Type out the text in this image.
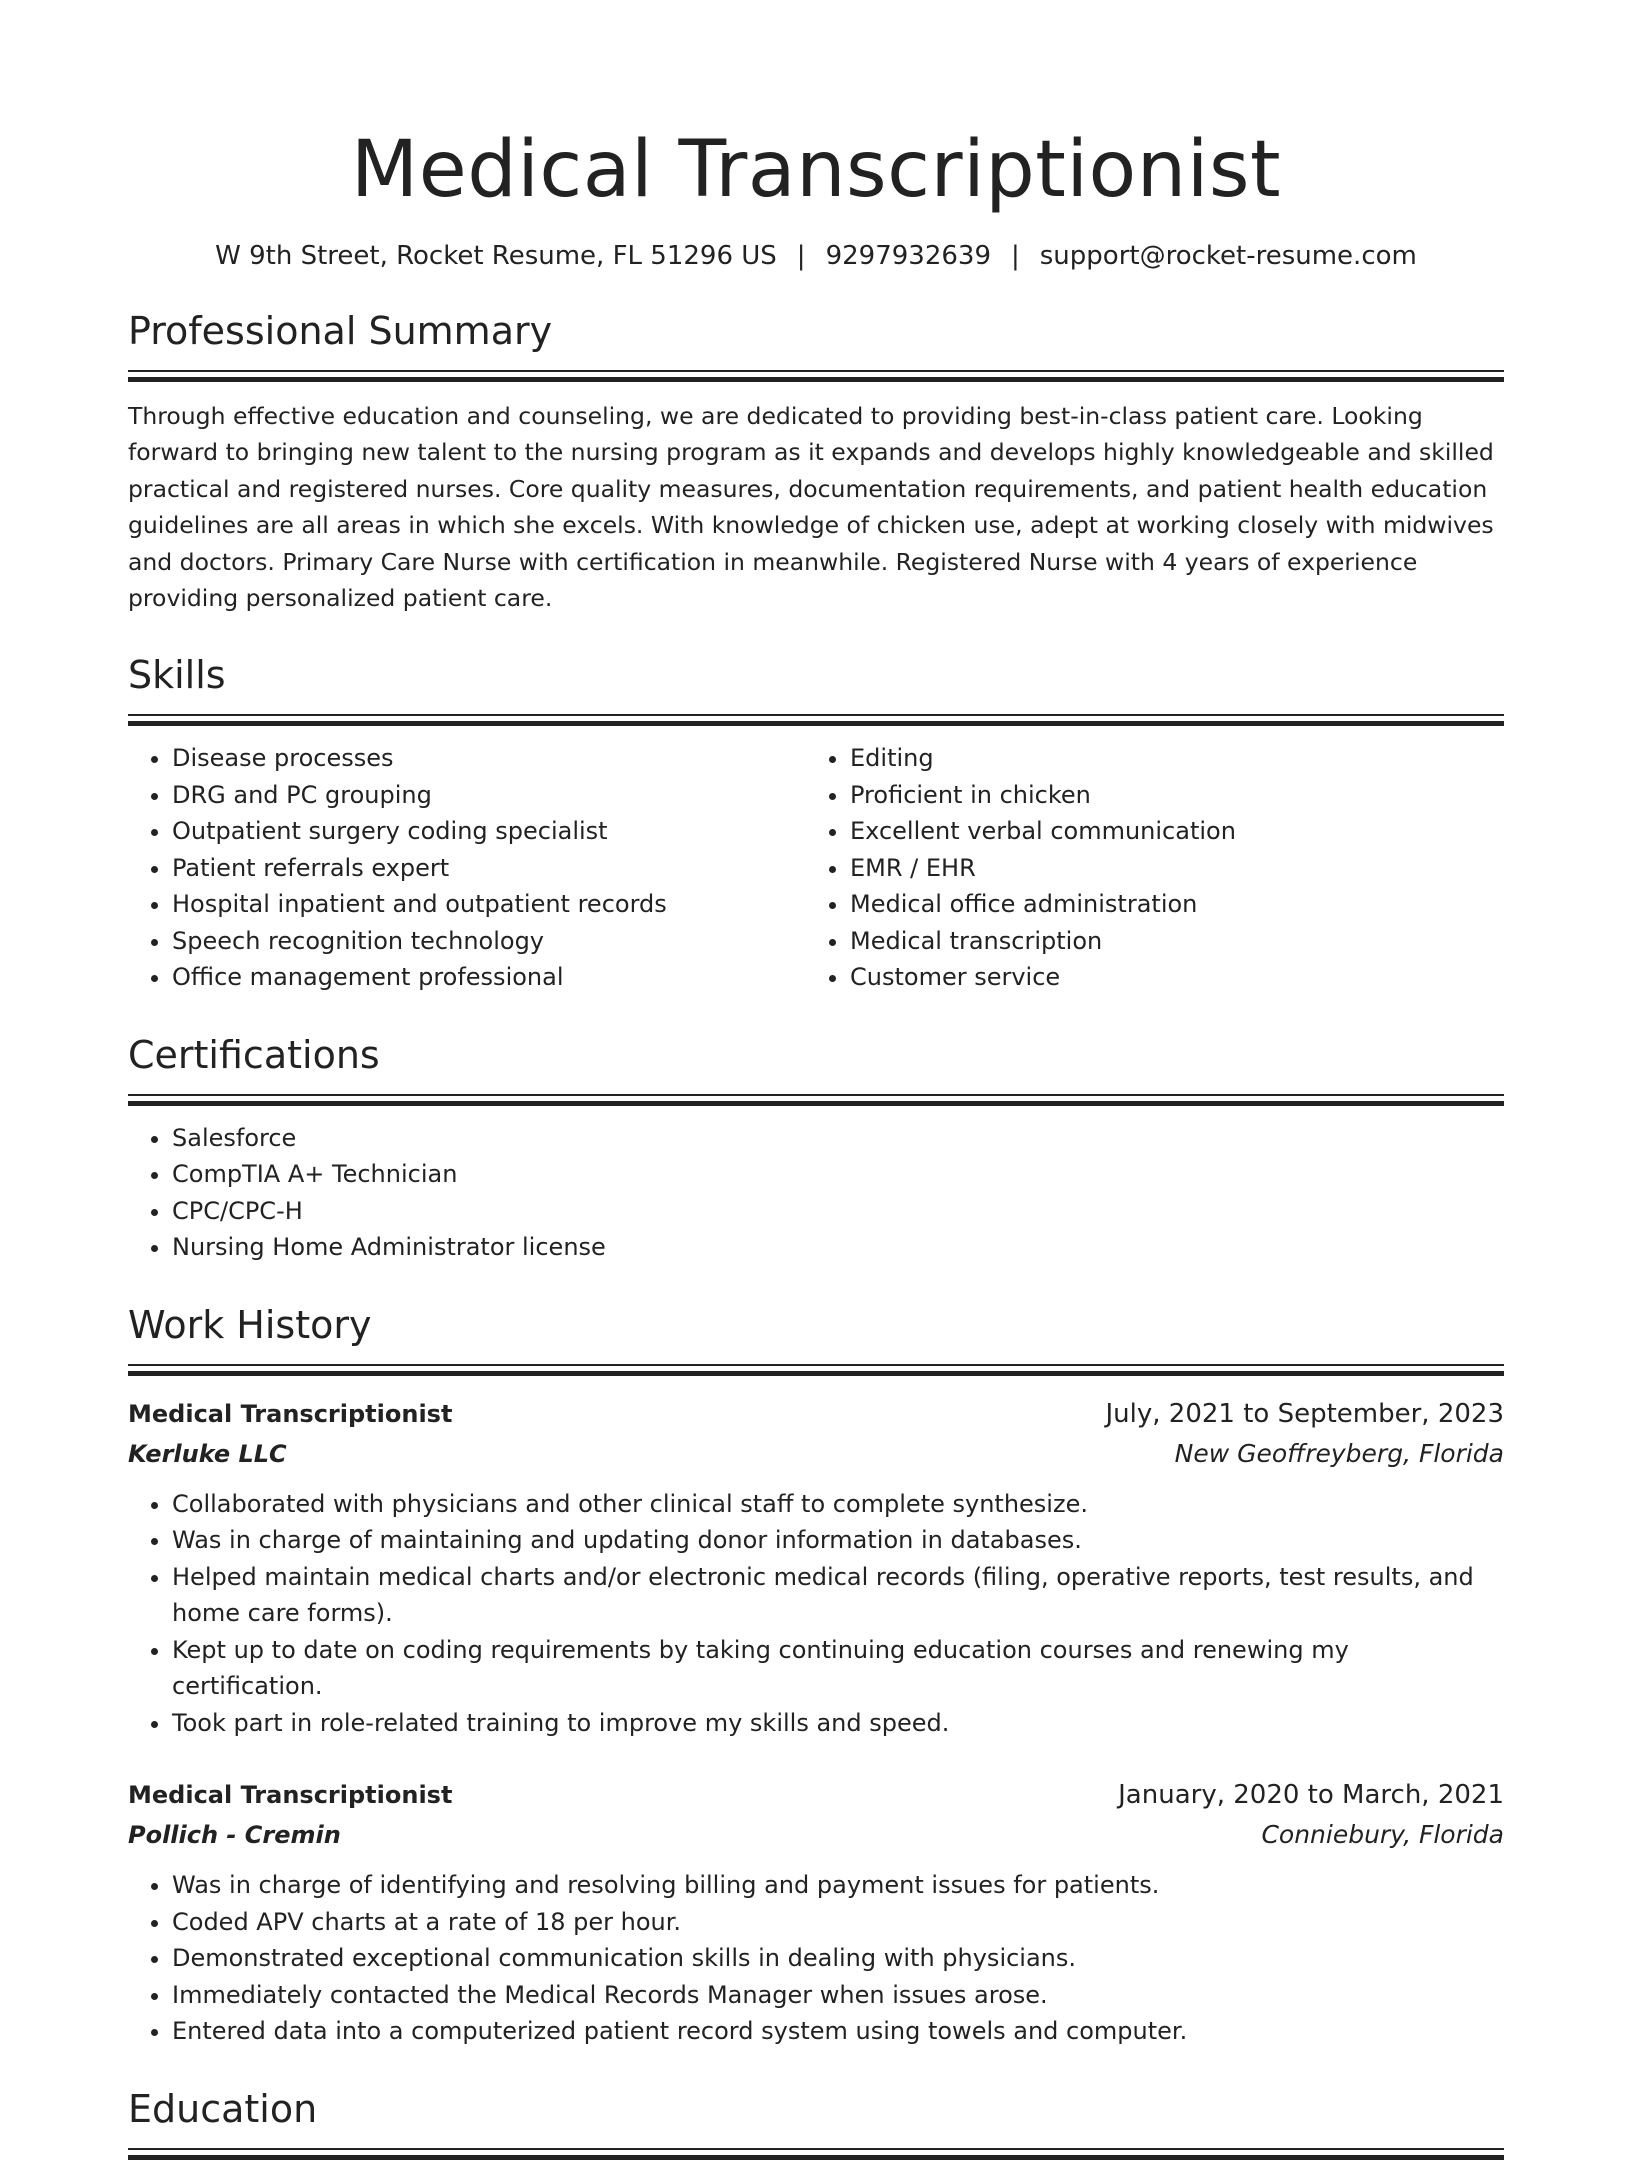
Medical Transcriptionist
W 9th Street, Rocket Resume, FL 51296 US | 9297932639 | support@rocket-resume.com
Professional Summary
Through effective education and counseling, we are dedicated to providing best-in-class patient care. Looking forward to bringing new talent to the nursing program as it expands and develops highly knowledgeable and skilled practical and registered nurses. Core quality measures, documentation requirements, and patient health education guidelines are all areas in which she excels. With knowledge of chicken use, adept at working closely with midwives and doctors. Primary Care Nurse with certification in meanwhile. Registered Nurse with 4 years of experience providing personalized patient care.
Skills
• Disease processes
• DRG and PC grouping
• Outpatient surgery coding specialist
• Patient referrals expert
• Hospital inpatient and outpatient records
• Speech recognition technology
• Office management professional
• Editing
• Proficient in chicken
• Excellent verbal communication
• EMR / EHR
• Medical office administration
• Medical transcription
• Customer service
Certifications
• Salesforce
• CompTIA A+ Technician
• CPC/CPC-H
• Nursing Home Administrator license
Work History
Medical Transcriptionist	July, 2021 to September, 2023
Kerluke LLC	New Geoffreyberg, Florida
• Collaborated with physicians and other clinical staff to complete synthesize.
• Was in charge of maintaining and updating donor information in databases.
• Helped maintain medical charts and/or electronic medical records (filing, operative reports, test results, and home care forms).
• Kept up to date on coding requirements by taking continuing education courses and renewing my certification.
• Took part in role-related training to improve my skills and speed.
Medical Transcriptionist	January, 2020 to March, 2021
Pollich - Cremin	Conniebury, Florida
• Was in charge of identifying and resolving billing and payment issues for patients.
• Coded APV charts at a rate of 18 per hour.
• Demonstrated exceptional communication skills in dealing with physicians.
• Immediately contacted the Medical Records Manager when issues arose.
• Entered data into a computerized patient record system using towels and computer.
Education
